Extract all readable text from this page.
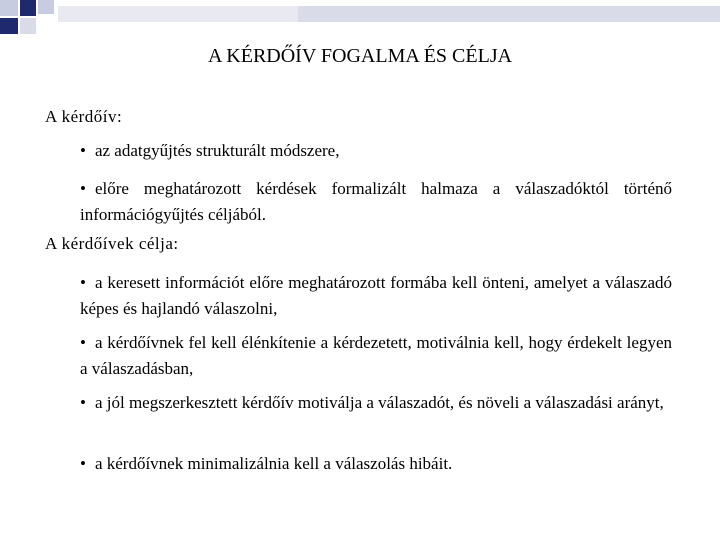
A KÉRDŐÍV FOGALMA ÉS CÉLJA
A kérdőív:
• az adatgyűjtés strukturált módszere,
• előre meghatározott kérdések formalizált halmaza a válaszadóktól történő információgyűjtés céljából.
A kérdőívek célja:
• a keresett információt előre meghatározott formába kell önteni, amelyet a válaszadó képes és hajlandó válaszolni,
• a kérdőívnek fel kell élénkítenie a kérdezetett, motiválnia kell, hogy érdekelt legyen a válaszadásban,
• a jól megszerkesztett kérdőív motiválja a válaszadót, és növeli a válaszadási arányt,
• a kérdőívnek minimalizálnia kell a válaszolás hibáit.
